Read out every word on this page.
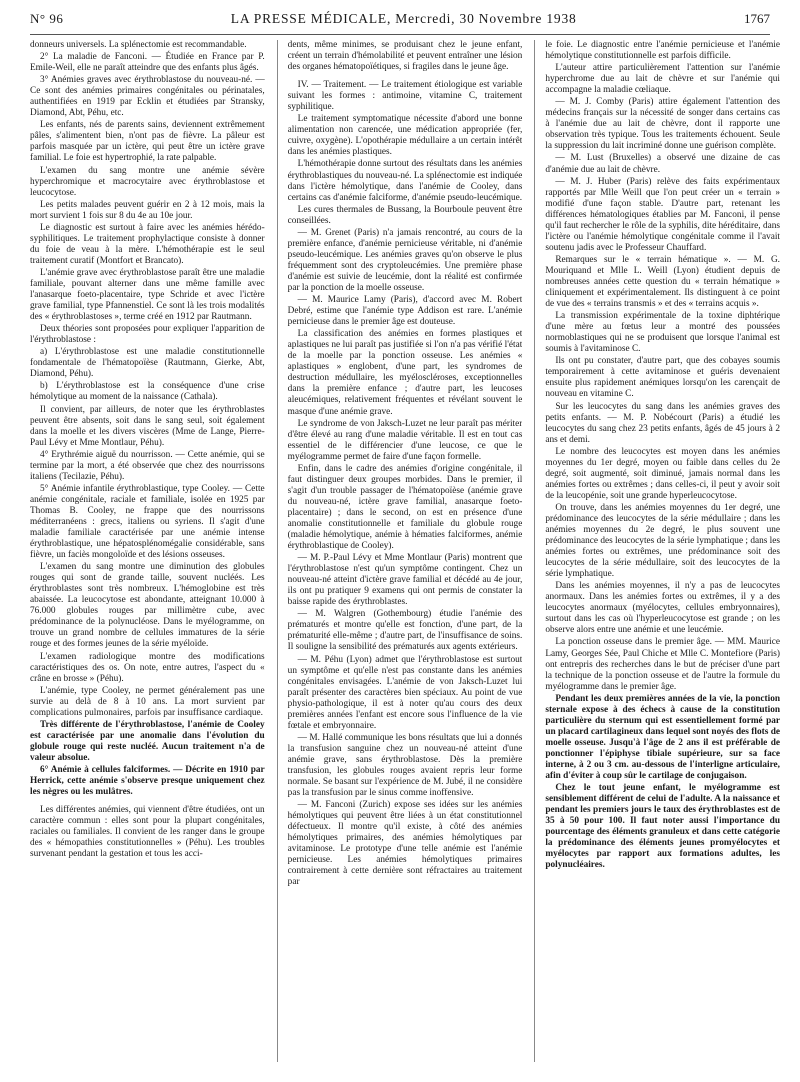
N° 96	LA PRESSE MÉDICALE, Mercredi, 30 Novembre 1938	1767

donneurs universels. La splénectomie est recommandable.

2° La maladie de Fanconi. — Étudiée en France par P. Emile-Weil, elle ne paraît atteindre que des enfants plus âgés.

3° Anémies graves avec érythroblastose du nouveau-né. — Ce sont des anémies primaires congénitales ou périnatales, authentifiées en 1919 par Ecklin et étudiées par Stransky, Diamond, Abt, Péhu, etc.

Les enfants, nés de parents sains, deviennent extrêmement pâles, s'alimentent bien, n'ont pas de fièvre. La pâleur est parfois masquée par un ictère, qui peut être un ictère grave familial. Le foie est hypertrophié, la rate palpable.

L'examen du sang montre une anémie sévère hyperchromique et macrocytaire avec érythroblastose et leucocytose.

Les petits malades peuvent guérir en 2 à 12 mois, mais la mort survient 1 fois sur 8 du 4e au 10e jour.

Le diagnostic est surtout à faire avec les anémies hérédo-syphilitiques. Le traitement prophylactique consiste à donner du foie de veau à la mère. L'hémothérapie est le seul traitement curatif (Montfort et Brancato).

L'anémie grave avec érythroblastose paraît être une maladie familiale, pouvant alterner dans une même famille avec l'anasarque foeto-placentaire, type Schride et avec l'ictère grave familial, type Pfannenstiel. Ce sont là les trois modalités des « érythroblastoses », terme créé en 1912 par Rautmann.

Deux théories sont proposées pour expliquer l'apparition de l'érythroblastose :

a) L'érythroblastose est une maladie constitutionnelle fondamentale de l'hématopoïèse (Rautmann, Gierke, Abt, Diamond, Péhu).

b) L'érythroblastose est la conséquence d'une crise hémolytique au moment de la naissance (Cathala).

Il convient, par ailleurs, de noter que les érythroblastes peuvent être absents, soit dans le sang seul, soit également dans la moelle et les divers viscères (Mme de Lange, Pierre-Paul Lévy et Mme Montlaur, Péhu).

4° Erythrémie aiguë du nourrisson. — Cette anémie, qui se termine par la mort, a été observée que chez des nourrissons italiens (Tecilazie, Péhu).

5° Anémie infantile érythroblastique, type Cooley. — Cette anémie congénitale, raciale et familiale, isolée en 1925 par Thomas B. Cooley, ne frappe que des nourrissons méditerranéens : grecs, italiens ou syriens. Il s'agit d'une maladie familiale caractérisée par une anémie intense érythroblastique, une hépatosplénomégalie considérable, sans fièvre, un faciès mongoloïde et des lésions osseuses.

L'examen du sang montre une diminution des globules rouges qui sont de grande taille, souvent nucléés. Les érythroblastes sont très nombreux. L'hémoglobine est très abaissée. La leucocytose est abondante, atteignant 10.000 à 76.000 globules rouges par millimètre cube, avec prédominance de la polynucléose. Dans le myélogramme, on trouve un grand nombre de cellules immatures de la série rouge et des formes jeunes de la série myéloïde.

L'examen radiologique montre des modifications caractéristiques des os. On note, entre autres, l'aspect du « crâne en brosse » (Péhu).

L'anémie, type Cooley, ne permet généralement pas une survie au delà de 8 à 10 ans. La mort survient par complications pulmonaires, parfois par insuffisance cardiaque.

Très différente de l'érythroblastose, l'anémie de Cooley est caractérisée par une anomalie dans l'évolution du globule rouge qui reste nucléé. Aucun traitement n'a de valeur absolue.

6° Anémie à cellules falciformes. — Décrite en 1910 par Herrick, cette anémie s'observe presque uniquement chez les nègres ou les mulâtres.

Les différentes anémies, qui viennent d'être étudiées, ont un caractère commun : elles sont pour la plupart congénitales, raciales ou familiales. Il convient de les ranger dans le groupe des « hémopathies constitutionnelles » (Péhu). Les troubles survenant pendant la gestation et tous les acci-

dents, même minimes, se produisant chez le jeune enfant, créent un terrain d'hémolabilité et peuvent entraîner une lésion des organes hématopoïétiques, si fragiles dans le jeune âge.

IV. — Traitement. — Le traitement étiologique est variable suivant les formes : antimoine, vitamine C, traitement syphilitique.

Le traitement symptomatique nécessite d'abord une bonne alimentation non carencée, une médication appropriée (fer, cuivre, oxygène). L'opothérapie médullaire a un certain intérêt dans les anémies plastiques.

L'hémothérapie donne surtout des résultats dans les anémies érythroblastiques du nouveau-né. La splénectomie est indiquée dans l'ictère hémolytique, dans l'anémie de Cooley, dans certains cas d'anémie falciforme, d'anémie pseudo-leucémique.

Les cures thermales de Bussang, la Bourboule peuvent être conseillées.

— M. Grenet (Paris) n'a jamais rencontré, au cours de la première enfance, d'anémie pernicieuse véritable, ni d'anémie pseudo-leucémique. Les anémies graves qu'on observe le plus fréquemment sont des cryptoleucémies. Une première phase d'anémie est suivie de leucémie, dont la réalité est confirmée par la ponction de la moelle osseuse.

— M. Maurice Lamy (Paris), d'accord avec M. Robert Debré, estime que l'anémie type Addison est rare. L'anémie pernicieuse dans le premier âge est douteuse.

La classification des anémies en formes plastiques et aplastiques ne lui paraît pas justifiée si l'on n'a pas vérifié l'état de la moelle par la ponction osseuse. Les anémies « aplastiques » englobent, d'une part, les syndromes de destruction médullaire, les myéloscléroses, exceptionnelles dans la première enfance ; d'autre part, les leucoses aleucémiques, relativement fréquentes et révélant souvent le masque d'une anémie grave.

Le syndrome de von Jaksch-Luzet ne leur paraît pas mériter d'être élevé au rang d'une maladie véritable. Il est en tout cas essentiel de le différencier d'une leucose, ce que le myélogramme permet de faire d'une façon formelle.

Enfin, dans le cadre des anémies d'origine congénitale, il faut distinguer deux groupes morbides. Dans le premier, il s'agit d'un trouble passager de l'hématopoïèse (anémie grave du nouveau-né, ictère grave familial, anasarque foeto-placentaire) ; dans le second, on est en présence d'une anomalie constitutionnelle et familiale du globule rouge (maladie hémolytique, anémie à hématies falciformes, anémie érythroblastique de Cooley).

— M. P.-Paul Lévy et Mme Montlaur (Paris) montrent que l'érythroblastose n'est qu'un symptôme contingent. Chez un nouveau-né atteint d'ictère grave familial et décédé au 4e jour, ils ont pu pratiquer 9 examens qui ont permis de constater la baisse rapide des érythroblastes.

— M. Walgren (Gothembourg) étudie l'anémie des prématurés et montre qu'elle est fonction, d'une part, de la prématurité elle-même ; d'autre part, de l'insuffisance de soins. Il souligne la sensibilité des prématurés aux agents extérieurs.

— M. Péhu (Lyon) admet que l'érythroblastose est surtout un symptôme et qu'elle n'est pas constante dans les anémies congénitales envisagées. L'anémie de von Jaksch-Luzet lui paraît présenter des caractères bien spéciaux. Au point de vue physio-pathologique, il est à noter qu'au cours des deux premières années l'enfant est encore sous l'influence de la vie fœtale et embryonnaire.

— M. Hallé communique les bons résultats que lui a donnés la transfusion sanguine chez un nouveau-né atteint d'une anémie grave, sans érythroblastose. Dès la première transfusion, les globules rouges avaient repris leur forme normale. Se basant sur l'expérience de M. Jubé, il ne considère pas la transfusion par le sinus comme inoffensive.

— M. Fanconi (Zurich) expose ses idées sur les anémies hémolytiques qui peuvent être liées à un état constitutionnel défectueux. Il montre qu'il existe, à côté des anémies hémolytiques primaires, des anémies hémolytiques par avitaminose. Le prototype d'une telle anémie est l'anémie pernicieuse. Les anémies hémolytiques primaires contrairement à cette dernière sont réfractaires au traitement par

le foie. Le diagnostic entre l'anémie pernicieuse et l'anémie hémolytique constitutionnelle est parfois difficile.

L'auteur attire particulièrement l'attention sur l'anémie hyperchrome due au lait de chèvre et sur l'anémie qui accompagne la maladie cœliaque.

— M. J. Comby (Paris) attire également l'attention des médecins français sur la nécessité de songer dans certains cas à l'anémie due au lait de chèvre, dont il rapporte une observation très typique. Tous les traitements échouent. Seule la suppression du lait incriminé donne une guérison complète.

— M. Lust (Bruxelles) a observé une dizaine de cas d'anémie due au lait de chèvre.

— M. J. Huber (Paris) relève des faits expérimentaux rapportés par Mlle Weill que l'on peut créer un « terrain » modifié d'une façon stable. D'autre part, retenant les différences hématologiques établies par M. Fanconi, il pense qu'il faut rechercher le rôle de la syphilis, dite héréditaire, dans l'ictère ou l'anémie hémolytique congénitale comme il l'avait soutenu jadis avec le Professeur Chauffard.

Remarques sur le « terrain hématique ». — M. G. Mouriquand et Mlle L. Weill (Lyon) étudient depuis de nombreuses années cette question du « terrain hématique » cliniquement et expérimentalement. Ils distinguent à ce point de vue des « terrains transmis » et des « terrains acquis ».

La transmission expérimentale de la toxine diphtérique d'une mère au fœtus leur a montré des poussées normoblastiques qui ne se produisent que lorsque l'animal est soumis à l'avitaminose C.

Ils ont pu constater, d'autre part, que des cobayes soumis temporairement à cette avitaminose et guéris devenaient ensuite plus rapidement anémiques lorsqu'on les carençait de nouveau en vitamine C.

Sur les leucocytes du sang dans les anémies graves des petits enfants. — M. P. Nobécourt (Paris) a étudié les leucocytes du sang chez 23 petits enfants, âgés de 45 jours à 2 ans et demi.

Le nombre des leucocytes est moyen dans les anémies moyennes du 1er degré, moyen ou faible dans celles du 2e degré, soit augmenté, soit diminué, jamais normal dans les anémies fortes ou extrêmes ; dans celles-ci, il peut y avoir soit de la leucopénie, soit une grande hyperleucocytose.

On trouve, dans les anémies moyennes du 1er degré, une prédominance des leucocytes de la série médullaire ; dans les anémies moyennes du 2e degré, le plus souvent une prédominance des leucocytes de la série lymphatique ; dans les anémies fortes ou extrêmes, une prédominance soit des leucocytes de la série médullaire, soit des leucocytes de la série lymphatique.

Dans les anémies moyennes, il n'y a pas de leucocytes anormaux. Dans les anémies fortes ou extrêmes, il y a des leucocytes anormaux (myélocytes, cellules embryonnaires), surtout dans les cas où l'hyperleucocytose est grande ; on les observe alors entre une anémie et une leucémie.

La ponction osseuse dans le premier âge. — MM. Maurice Lamy, Georges Sée, Paul Chiche et Mlle C. Montefiore (Paris) ont entrepris des recherches dans le but de préciser d'une part la technique de la ponction osseuse et de l'autre la formule du myélogramme dans le premier âge.

Pendant les deux premières années de la vie, la ponction sternale expose à des échecs à cause de la constitution particulière du sternum qui est essentiellement formé par un placard cartilagineux dans lequel sont noyés des flots de moelle osseuse. Jusqu'à l'âge de 2 ans il est préférable de ponctionner l'épiphyse tibiale supérieure, sur sa face interne, à 2 ou 3 cm. au-dessous de l'interligne articulaire, afin d'éviter à coup sûr le cartilage de conjugaison.

Chez le tout jeune enfant, le myélogramme est sensiblement différent de celui de l'adulte. A la naissance et pendant les premiers jours le taux des érythroblastes est de 35 à 50 pour 100. Il faut noter aussi l'importance du pourcentage des éléments granuleux et dans cette catégorie la prédominance des éléments jeunes promyélocytes et myélocytes par rapport aux formations adultes, les polynucléaires.
